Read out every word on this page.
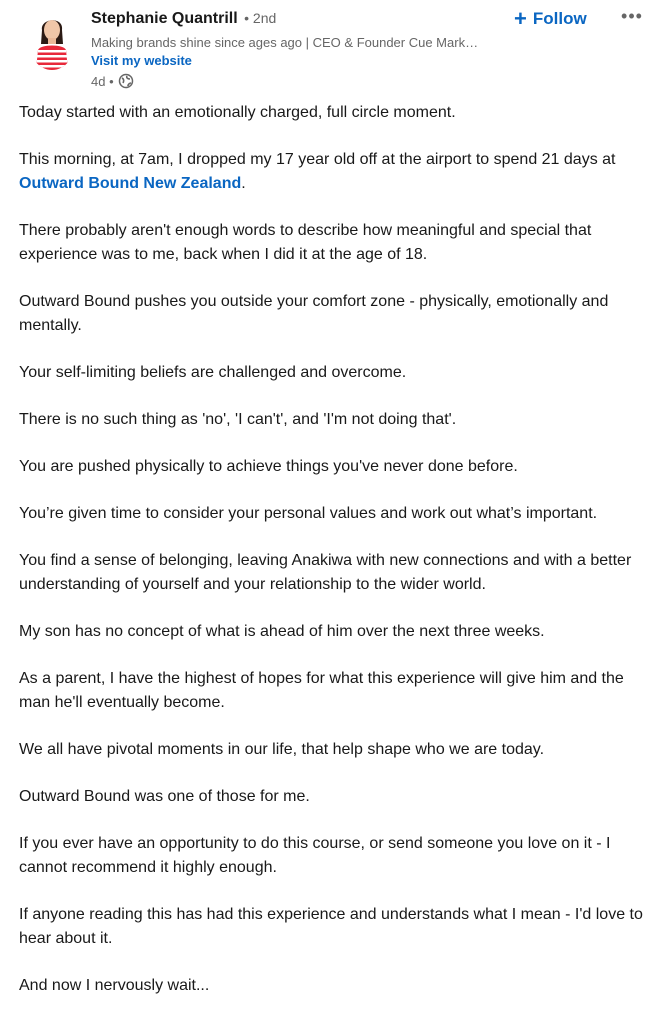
Stephanie Quantrill • 2nd
Making brands shine since ages ago | CEO & Founder Cue Mark…
Visit my website
4d •
+ Follow •••

Today started with an emotionally charged, full circle moment.

This morning, at 7am, I dropped my 17 year old off at the airport to spend 21 days at Outward Bound New Zealand.

There probably aren't enough words to describe how meaningful and special that experience was to me, back when I did it at the age of 18.

Outward Bound pushes you outside your comfort zone - physically, emotionally and mentally.

Your self-limiting beliefs are challenged and overcome.

There is no such thing as 'no', 'I can't', and 'I'm not doing that'.

You are pushed physically to achieve things you've never done before.

You’re given time to consider your personal values and work out what’s important.

You find a sense of belonging, leaving Anakiwa with new connections and with a better understanding of yourself and your relationship to the wider world.

My son has no concept of what is ahead of him over the next three weeks.

As a parent, I have the highest of hopes for what this experience will give him and the man he'll eventually become.

We all have pivotal moments in our life, that help shape who we are today.

Outward Bound was one of those for me.

If you ever have an opportunity to do this course, or send someone you love on it - I cannot recommend it highly enough.

If anyone reading this has had this experience and understands what I mean - I'd love to hear about it.

And now I nervously wait...
